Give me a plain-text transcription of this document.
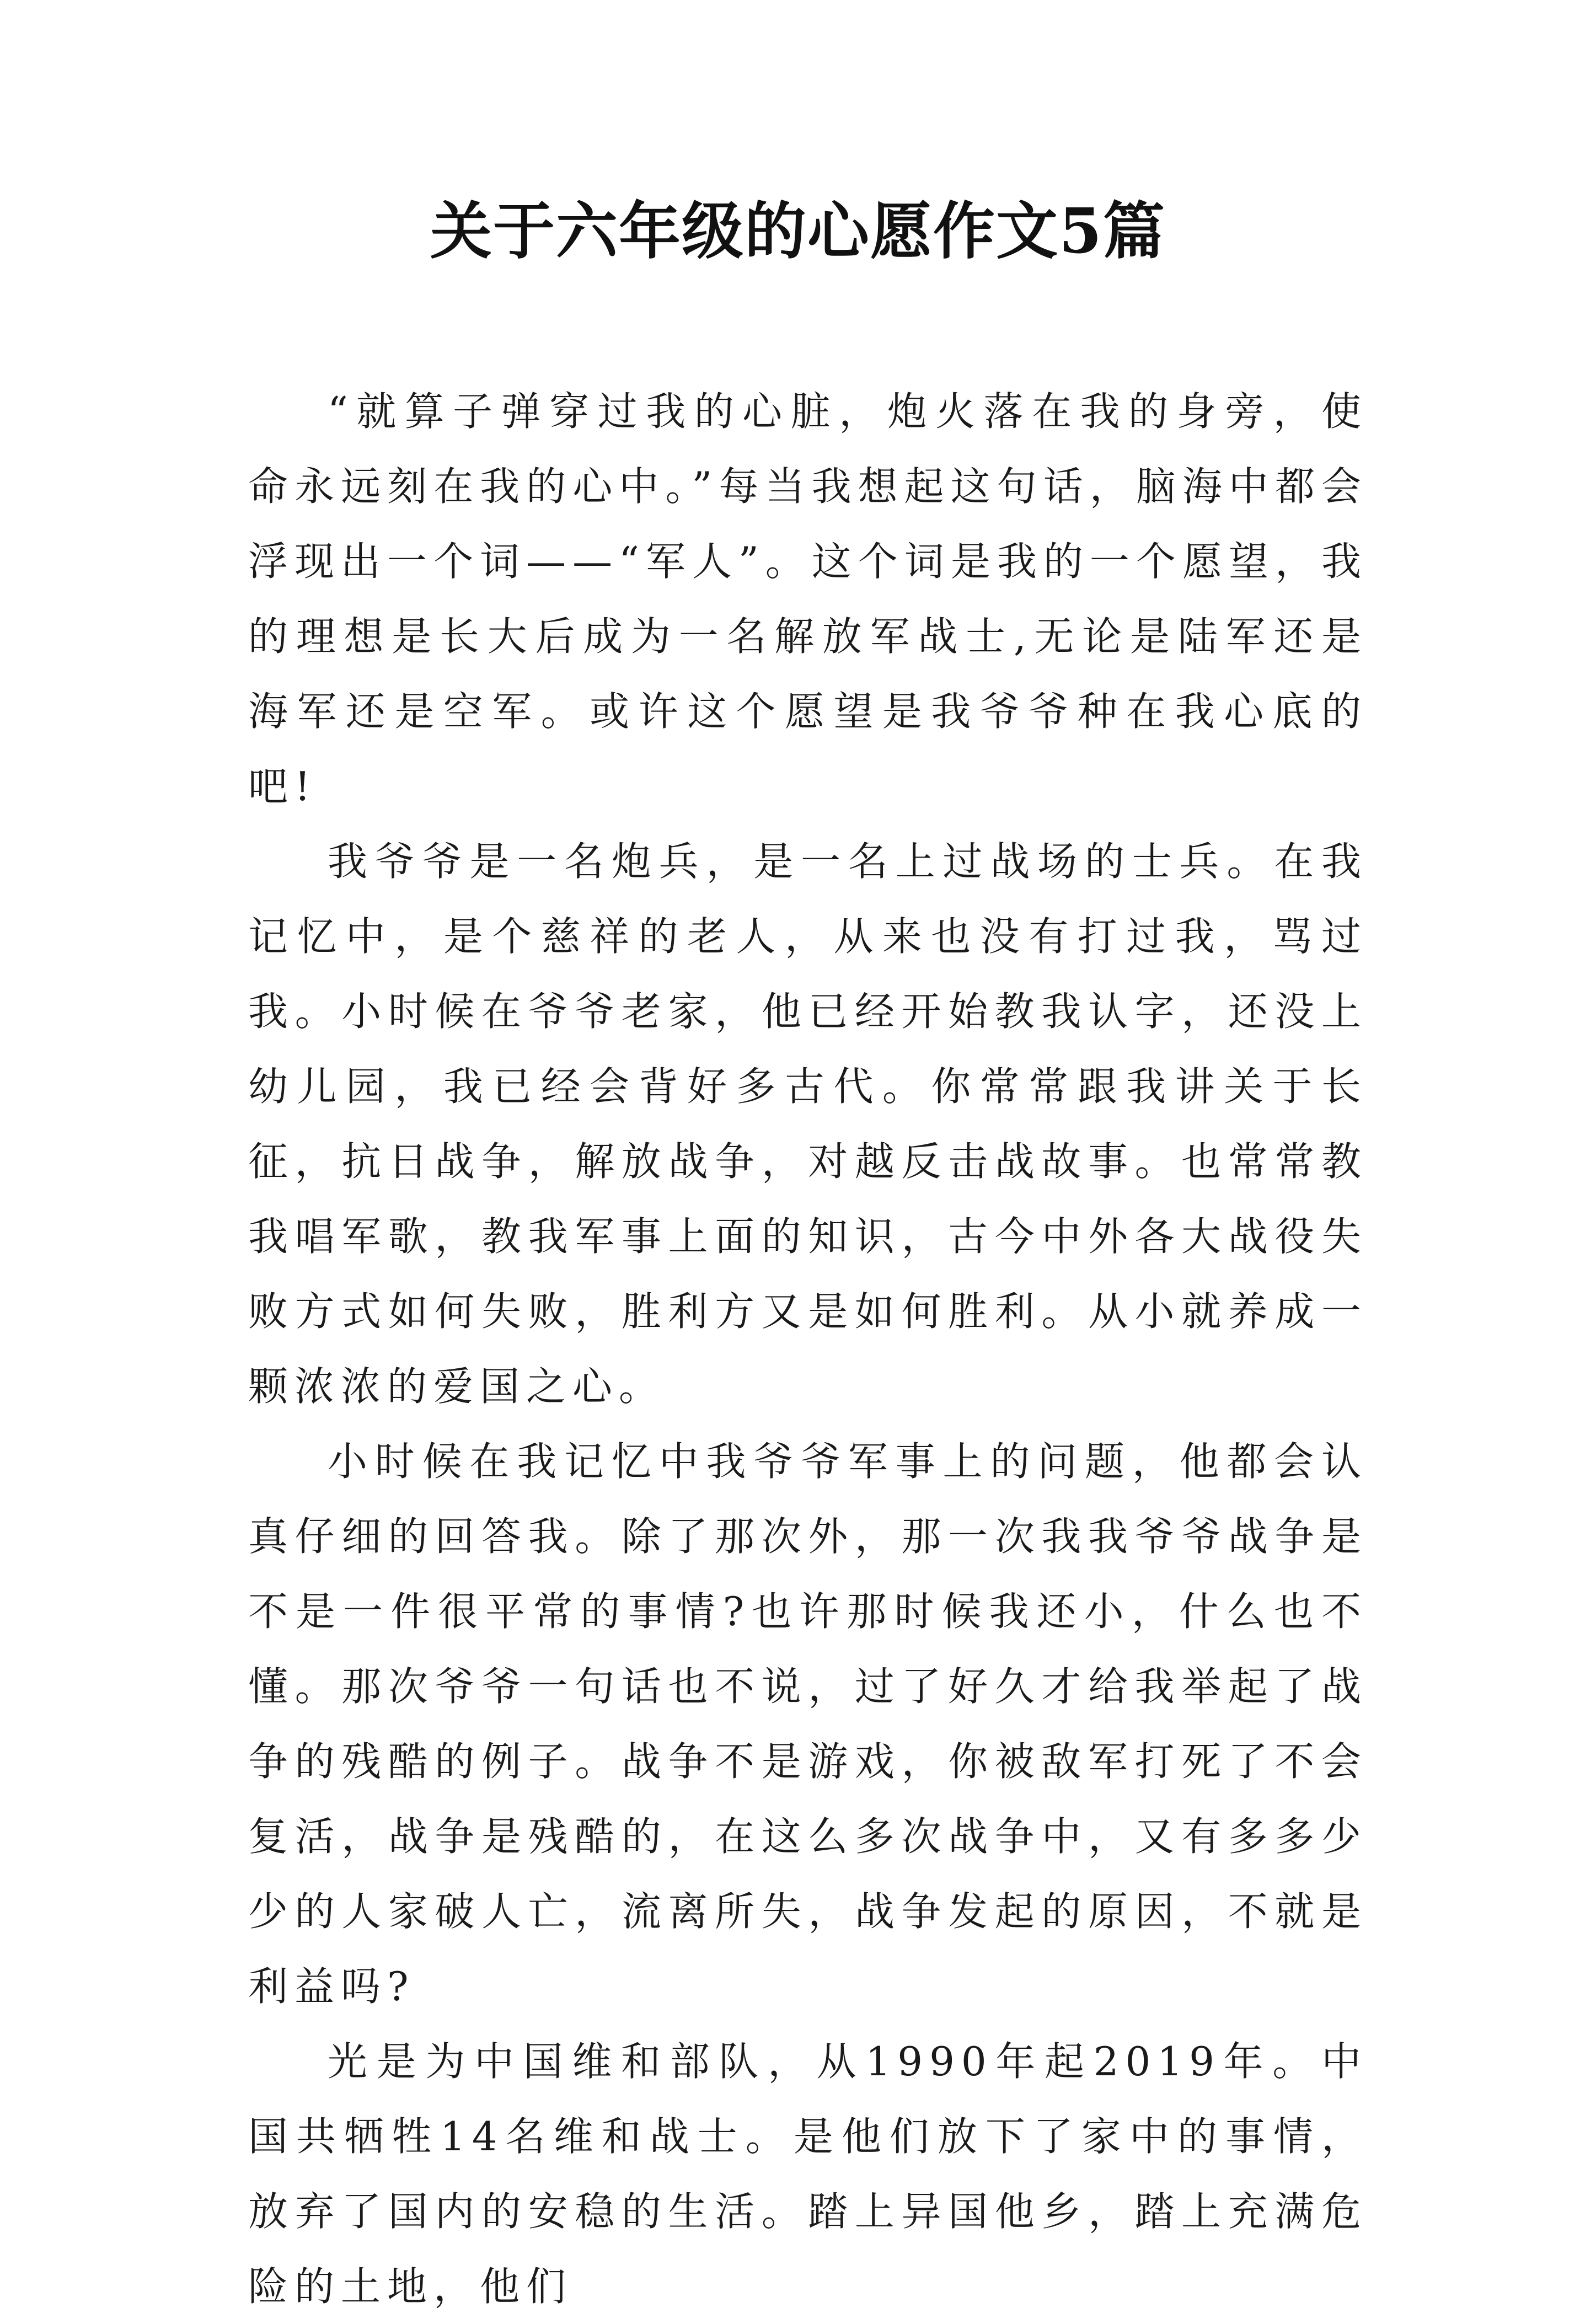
关于六年级的心愿作文5篇

“就算子弹穿过我的心脏，炮火落在我的身旁，使命永远刻在我的心中。”每当我想起这句话，脑海中都会浮现出一个词——“军人”。这个词是我的一个愿望，我的理想是长大后成为一名解放军战士,无论是陆军还是海军还是空军。或许这个愿望是我爷爷种在我心底的吧!

我爷爷是一名炮兵，是一名上过战场的士兵。在我记忆中，是个慈祥的老人，从来也没有打过我，骂过我。小时候在爷爷老家，他已经开始教我认字，还没上幼儿园，我已经会背好多古代。你常常跟我讲关于长征，抗日战争，解放战争，对越反击战故事。也常常教我唱军歌，教我军事上面的知识，古今中外各大战役失败方式如何失败，胜利方又是如何胜利。从小就养成一颗浓浓的爱国之心。

小时候在我记忆中我爷爷军事上的问题，他都会认真仔细的回答我。除了那次外，那一次我我爷爷战争是不是一件很平常的事情?也许那时候我还小，什么也不懂。那次爷爷一句话也不说，过了好久才给我举起了战争的残酷的例子。战争不是游戏，你被敌军打死了不会复活，战争是残酷的，在这么多次战争中，又有多多少少的人家破人亡，流离所失，战争发起的原因，不就是利益吗?

光是为中国维和部队，从1990年起2019年。中国共牺牲14名维和战士。是他们放下了家中的事情，放弃了国内的安稳的生活。踏上异国他乡，踏上充满危险的土地，他们
